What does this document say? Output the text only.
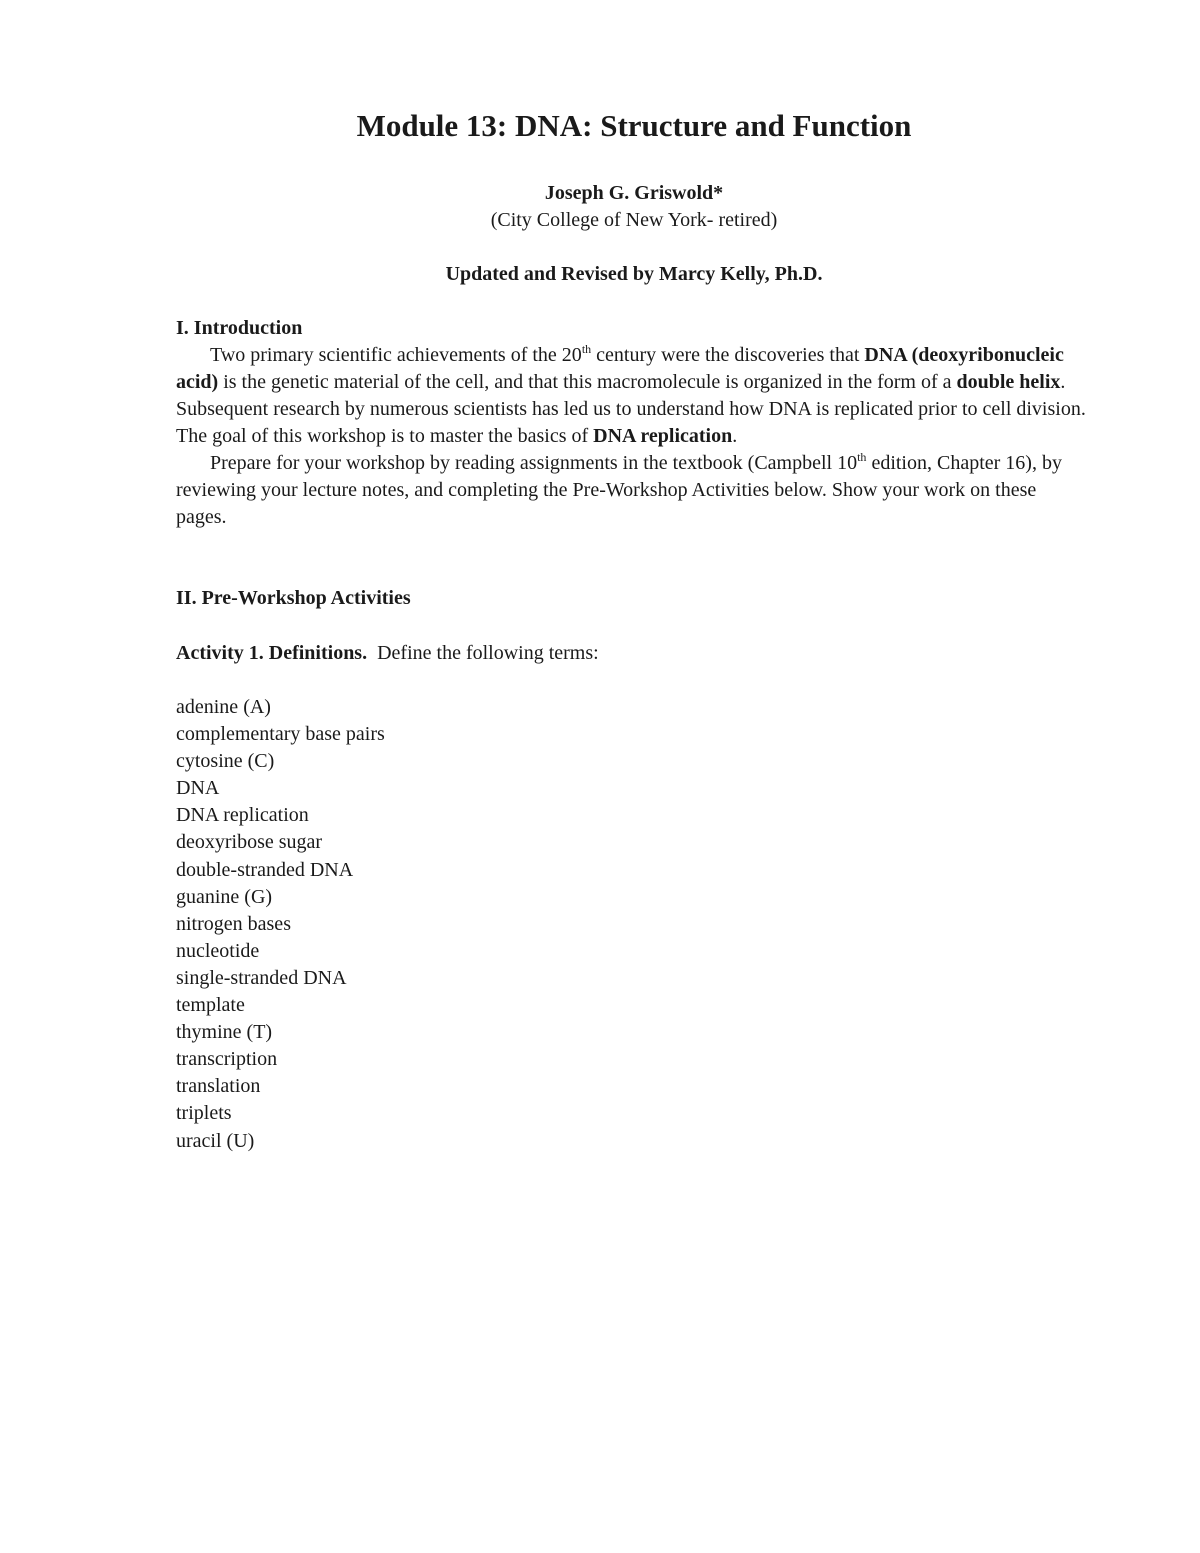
Module 13: DNA: Structure and Function
Joseph G. Griswold*
(City College of New York- retired)
Updated and Revised by Marcy Kelly, Ph.D.
I. Introduction

Two primary scientific achievements of the 20th century were the discoveries that DNA (deoxyribonucleic acid) is the genetic material of the cell, and that this macromolecule is organized in the form of a double helix. Subsequent research by numerous scientists has led us to understand how DNA is replicated prior to cell division. The goal of this workshop is to master the basics of DNA replication.

Prepare for your workshop by reading assignments in the textbook (Campbell 10th edition, Chapter 16), by reviewing your lecture notes, and completing the Pre-Workshop Activities below. Show your work on these pages.

II. Pre-Workshop Activities
Activity 1. Definitions.  Define the following terms:
adenine (A)
complementary base pairs
cytosine (C)
DNA
DNA replication
deoxyribose sugar
double-stranded DNA
guanine (G)
nitrogen bases
nucleotide
single-stranded DNA
template
thymine (T)
transcription
translation
triplets
uracil (U)
